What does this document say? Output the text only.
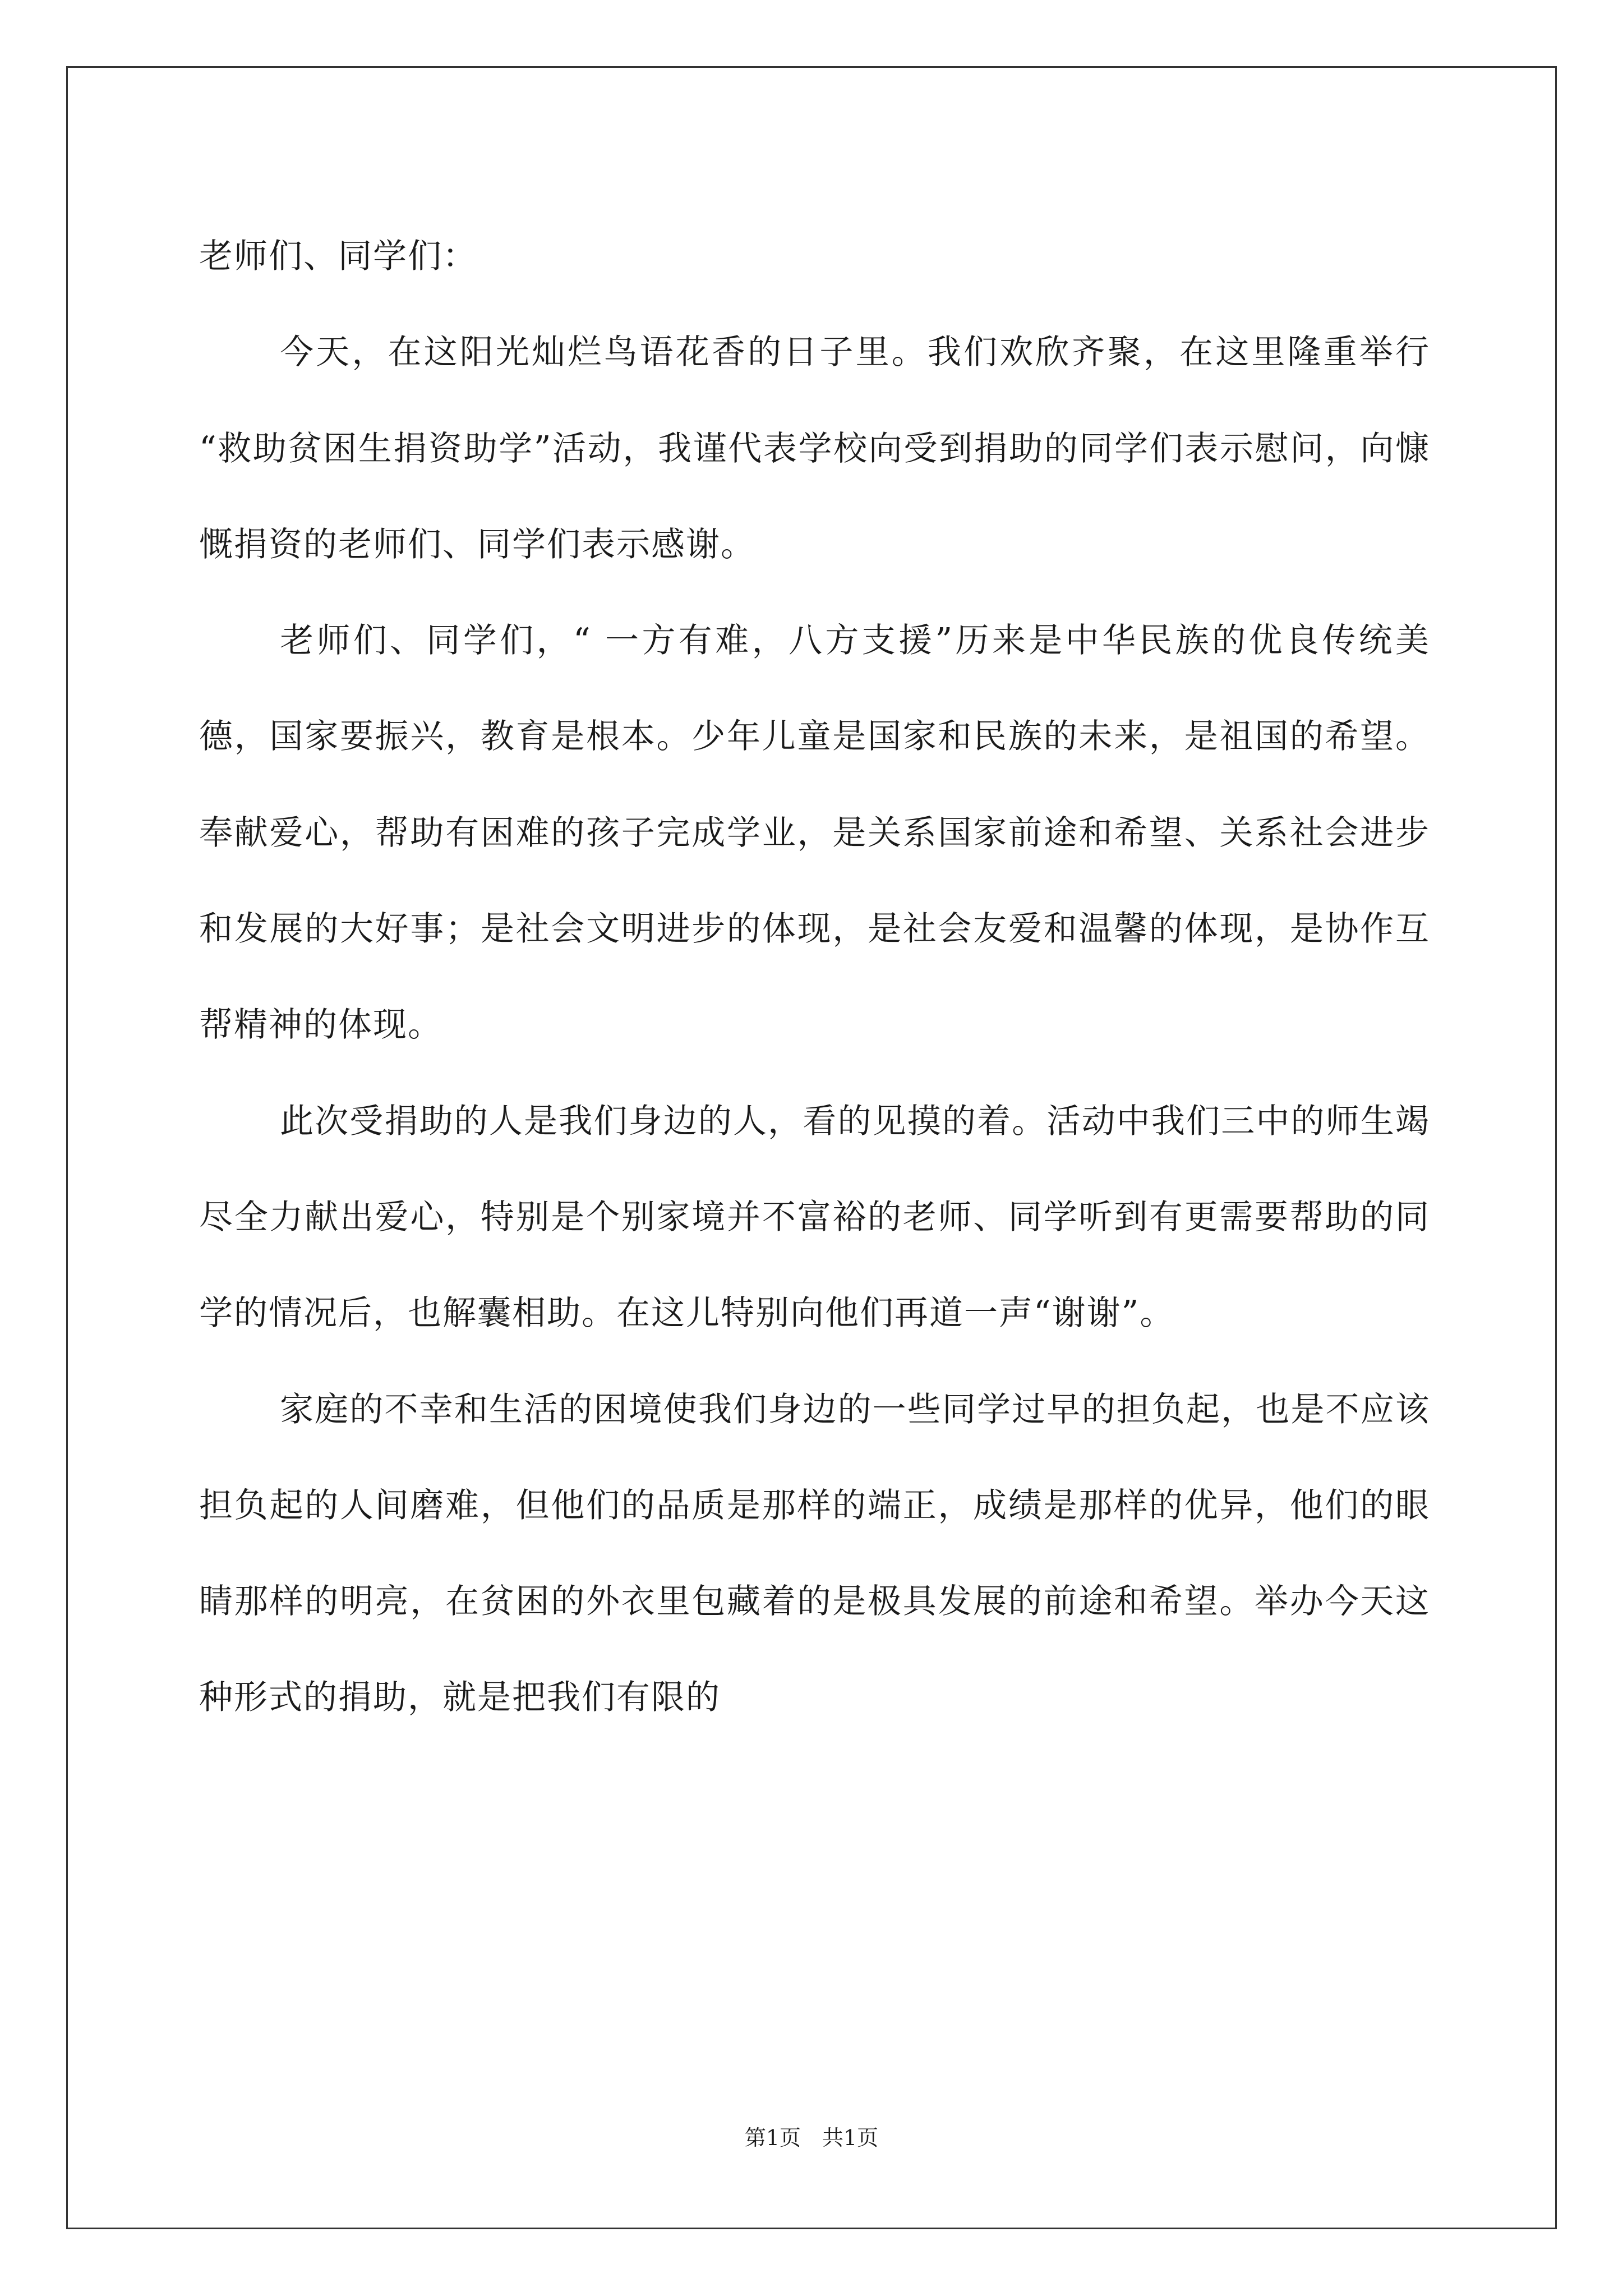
老师们、同学们：

今天，在这阳光灿烂鸟语花香的日子里。我们欢欣齐聚，在这里隆重举行 “救助贫困生捐资助学”活动，我谨代表学校向受到捐助的同学们表示慰问，向慷慨捐资的老师们、同学们表示感谢。

老师们、同学们，“ 一方有难，八方支援”历来是中华民族的优良传统美德，国家要振兴，教育是根本。少年儿童是国家和民族的未来，是祖国的希望。奉献爱心，帮助有困难的孩子完成学业，是关系国家前途和希望、关系社会进步和发展的大好事；是社会文明进步的体现，是社会友爱和温馨的体现，是协作互帮精神的体现。

此次受捐助的人是我们身边的人，看的见摸的着。活动中我们三中的师生竭尽全力献出爱心，特别是个别家境并不富裕的老师、同学听到有更需要帮助的同学的情况后，也解囊相助。在这儿特别向他们再道一声“谢谢”。

家庭的不幸和生活的困境使我们身边的一些同学过早的担负起，也是不应该担负起的人间磨难，但他们的品质是那样的端正，成绩是那样的优异，他们的眼睛那样的明亮，在贫困的外衣里包藏着的是极具发展的前途和希望。举办今天这种形式的捐助，就是把我们有限的

第1页 共1页
